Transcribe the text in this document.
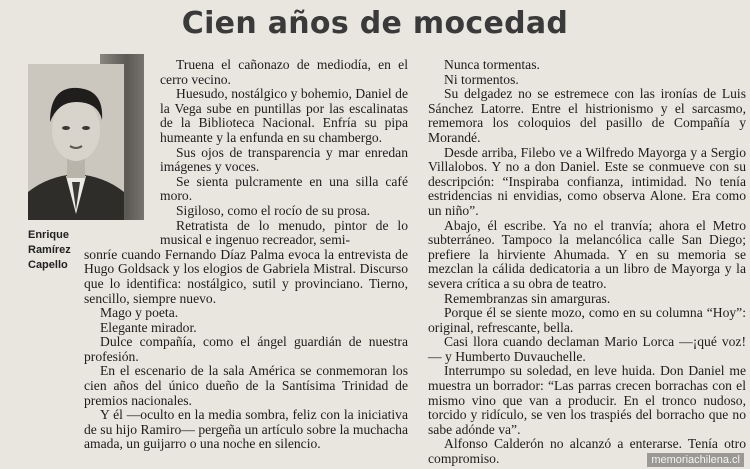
Cien años de mocedad
Enrique
Ramírez
Capello

Truena el cañonazo de mediodía, en el cerro vecino.

Huesudo, nostálgico y bohemio, Daniel de la Vega sube en puntillas por las escalinatas de la Biblioteca Nacional. Enfría su pipa humeante y la enfunda en su chambergo.

Sus ojos de transparencia y mar enredan imágenes y voces.

Se sienta pulcramente en una silla café moro.

Sigiloso, como el rocío de su prosa.

Retratista de lo menudo, pintor de lo musical e ingenuo recreador, semi-

sonríe cuando Fernando Díaz Palma evoca la entrevista de Hugo Goldsack y los elogios de Gabriela Mistral. Discurso que lo identifica: nostálgico, sutil y provinciano. Tierno, sencillo, siempre nuevo.

Mago y poeta.

Elegante mirador.

Dulce compañía, como el ángel guardián de nuestra profesión.

En el escenario de la sala América se conmemoran los cien años del único dueño de la Santísima Trinidad de premios nacionales.

Y él —oculto en la media sombra, feliz con la iniciativa de su hijo Ramiro— pergeña un artículo sobre la muchacha amada, un guijarro o una noche en silencio.

Nunca tormentas.

Ni tormentos.

Su delgadez no se estremece con las ironías de Luis Sánchez Latorre. Entre el histrionismo y el sarcasmo, rememora los coloquios del pasillo de Compañía y Morandé.

Desde arriba, Filebo ve a Wilfredo Mayorga y a Sergio Villalobos. Y no a don Daniel. Este se conmueve con su descripción: “Inspiraba confianza, intimidad. No tenía estridencias ni envidias, como observa Alone. Era como un niño”.

Abajo, él escribe. Ya no el tranvía; ahora el Metro subterráneo. Tampoco la melancólica calle San Diego; prefiere la hirviente Ahumada. Y en su memoria se mezclan la cálida dedicatoria a un libro de Mayorga y la severa crítica a su obra de teatro.

Remembranzas sin amarguras.

Porque él se siente mozo, como en su columna “Hoy”: original, refrescante, bella.

Casi llora cuando declaman Mario Lorca —¡qué voz!— y Humberto Duvauchelle.

Interrumpo su soledad, en leve huida. Don Daniel me muestra un borrador: “Las parras crecen borrachas con el mismo vino que van a producir. En el tronco nudoso, torcido y ridículo, se ven los traspiés del borracho que no sabe adónde va”.

Alfonso Calderón no alcanzó a enterarse. Tenía otro compromiso.	memoriachilena.cl
